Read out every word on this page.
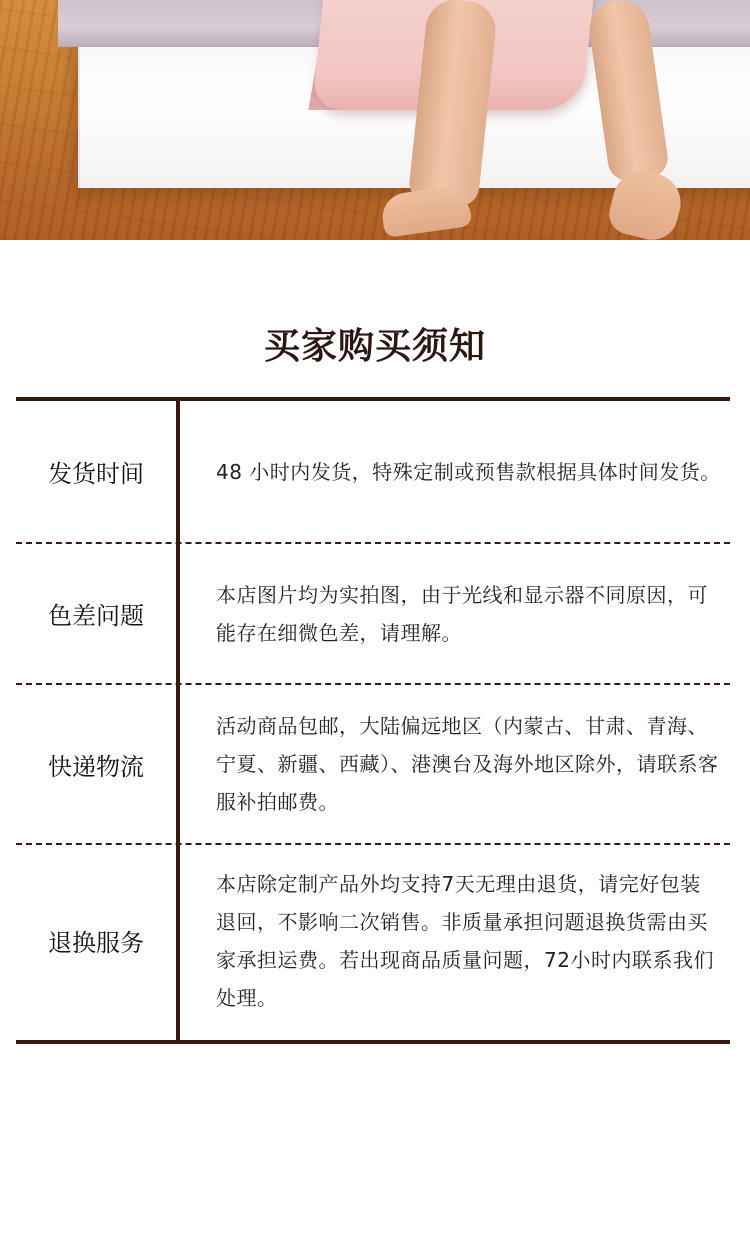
买家购买须知
发货时间	48 小时内发货，特殊定制或预售款根据具体时间发货。
色差问题
本店图片均为实拍图，由于光线和显示器不同原因，可能存在细微色差，请理解。
快递物流
活动商品包邮，大陆偏远地区（内蒙古、甘肃、青海、宁夏、新疆、西藏）、港澳台及海外地区除外，请联系客服补拍邮费。
退换服务
本店除定制产品外均支持7天无理由退货，请完好包装退回，不影响二次销售。非质量承担问题退换货需由买家承担运费。若出现商品质量问题，72小时内联系我们处理。
